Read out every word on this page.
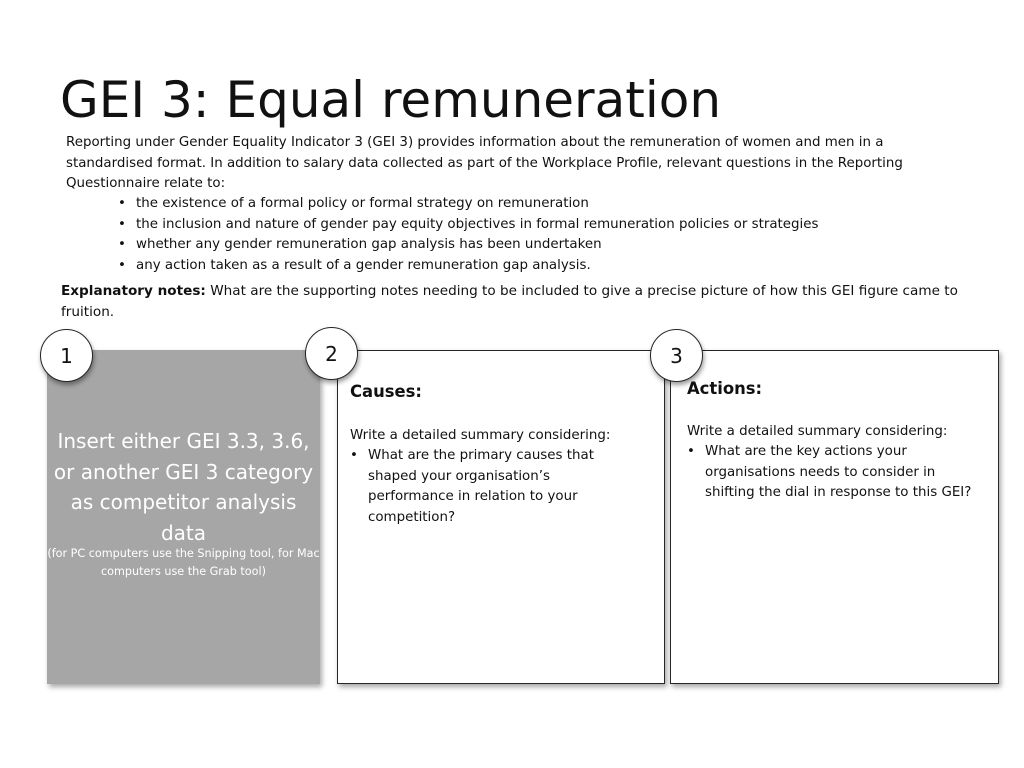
GEI 3: Equal remuneration

Reporting under Gender Equality Indicator 3 (GEI 3) provides information about the remuneration of women and men in a standardised format. In addition to salary data collected as part of the Workplace Profile, relevant questions in the Reporting Questionnaire relate to:

• the existence of a formal policy or formal strategy on remuneration
• the inclusion and nature of gender pay equity objectives in formal remuneration policies or strategies
• whether any gender remuneration gap analysis has been undertaken
• any action taken as a result of a gender remuneration gap analysis.

Explanatory notes: What are the supporting notes needing to be included to give a precise picture of how this GEI figure came to fruition.

Insert either GEI 3.3, 3.6, or another GEI 3 category as competitor analysis data
(for PC computers use the Snipping tool, for Mac computers use the Grab tool)

Causes:

Write a detailed summary considering:

• What are the primary causes that shaped your organisation’s performance in relation to your competition?

Actions:

Write a detailed summary considering:

• What are the key actions your organisations needs to consider in shifting the dial in response to this GEI?
1	2	3
